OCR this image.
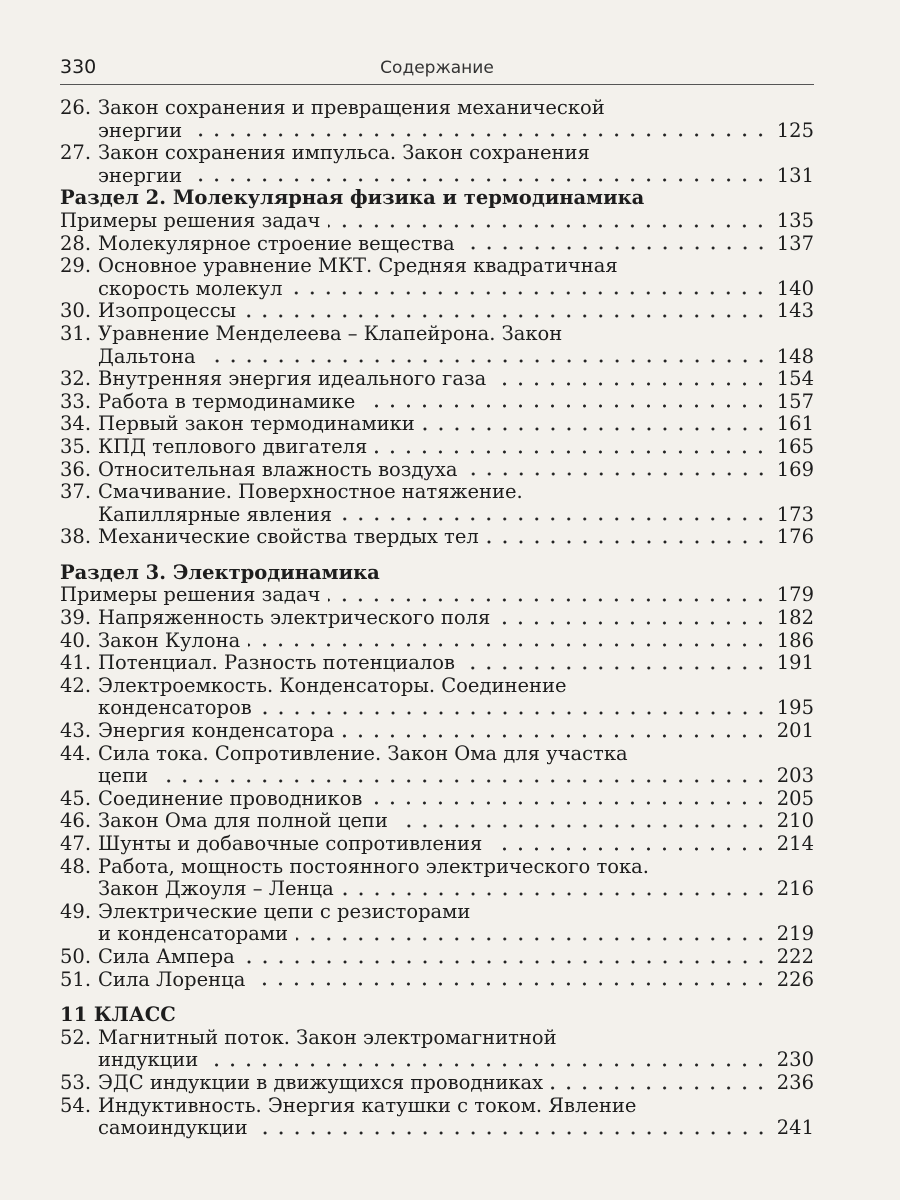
330	Содержание
26. Закон сохранения и превращения механической
энергии	125
27. Закон сохранения импульса. Закон сохранения
энергии	131
Раздел 2. Молекулярная физика и термодинамика
Примеры решения задач	135
28. Молекулярное строение вещества	137
29. Основное уравнение МКТ. Средняя квадратичная
скорость молекул	140
30. Изопроцессы	143
31. Уравнение Менделеева – Клапейрона. Закон
Дальтона	148
32. Внутренняя энергия идеального газа	154
33. Работа в термодинамике	157
34. Первый закон термодинамики	161
35. КПД теплового двигателя	165
36. Относительная влажность воздуха	169
37. Смачивание. Поверхностное натяжение.
Капиллярные явления	173
38. Механические свойства твердых тел	176
Раздел 3. Электродинамика
Примеры решения задач	179
39. Напряженность электрического поля	182
40. Закон Кулона	186
41. Потенциал. Разность потенциалов	191
42. Электроемкость. Конденсаторы. Соединение
конденсаторов	195
43. Энергия конденсатора	201
44. Сила тока. Сопротивление. Закон Ома для участка
цепи	203
45. Соединение проводников	205
46. Закон Ома для полной цепи	210
47. Шунты и добавочные сопротивления	214
48. Работа, мощность постоянного электрического тока.
Закон Джоуля – Ленца	216
49. Электрические цепи с резисторами
и конденсаторами	219
50. Сила Ампера	222
51. Сила Лоренца	226
11 КЛАСС
52. Магнитный поток. Закон электромагнитной
индукции	230
53. ЭДС индукции в движущихся проводниках	236
54. Индуктивность. Энергия катушки с током. Явление
самоиндукции	241
